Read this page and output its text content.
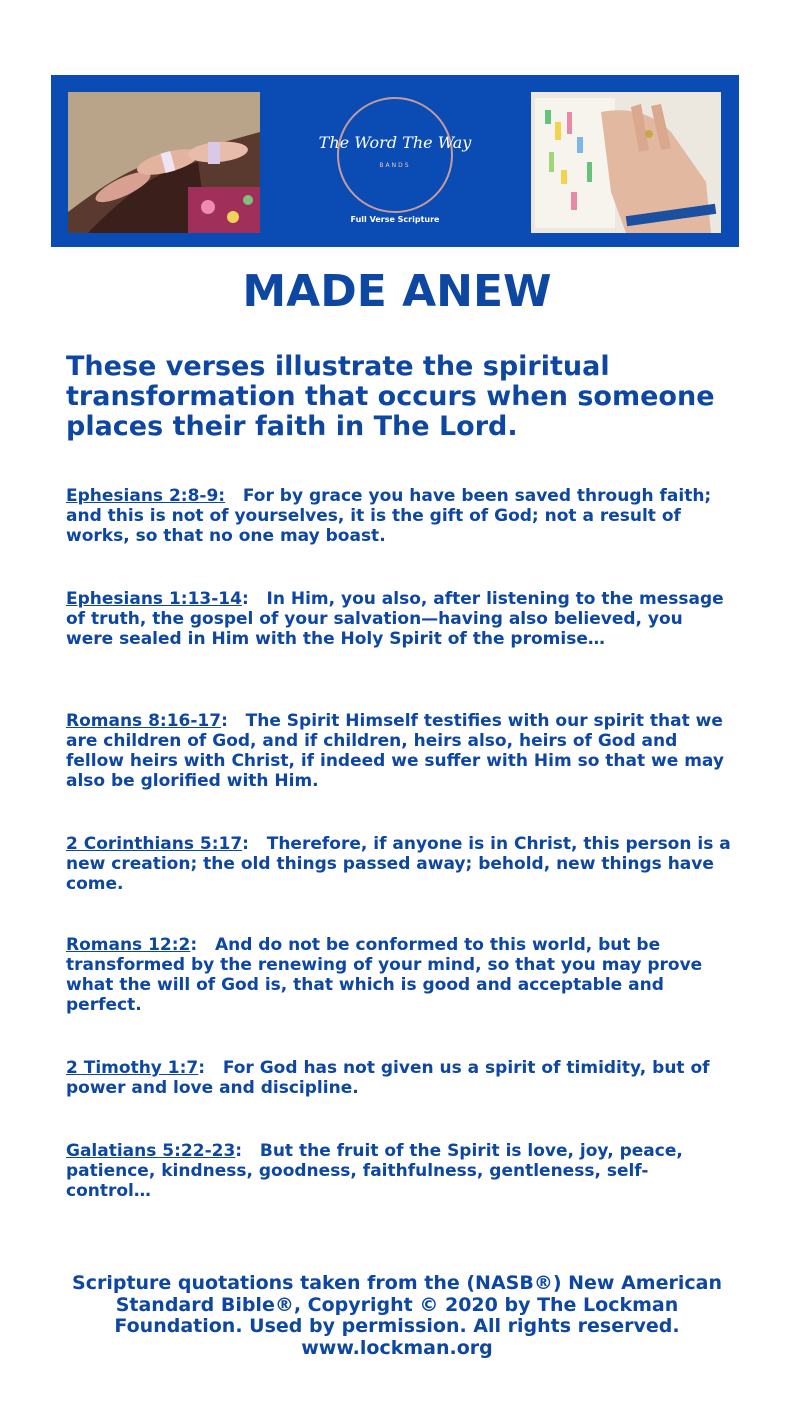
The Word The Way
BANDS
Full Verse Scripture
MADE ANEW

These verses illustrate the spiritual transformation that occurs when someone places their faith in The Lord.

Ephesians 2:8-9: For by grace you have been saved through faith; and this is not of yourselves, it is the gift of God; not a result of works, so that no one may boast.

Ephesians 1:13-14:   In Him, you also, after listening to the message of truth, the gospel of your salvation—having also believed, you were sealed in Him with the Holy Spirit of the promise…

Romans 8:16-17:   The Spirit Himself testifies with our spirit that we are children of God, and if children, heirs also, heirs of God and fellow heirs with Christ, if indeed we suffer with Him so that we may also be glorified with Him.

2 Corinthians 5:17:   Therefore, if anyone is in Christ, this person is a new creation; the old things passed away; behold, new things have come.

Romans 12:2:   And do not be conformed to this world, but be transformed by the renewing of your mind, so that you may prove what the will of God is, that which is good and acceptable and perfect.

2 Timothy 1:7:   For God has not given us a spirit of timidity, but of power and love and discipline.

Galatians 5:22-23:   But the fruit of the Spirit is love, joy, peace, patience, kindness, goodness, faithfulness, gentleness, self-control…

Scripture quotations taken from the (NASB®) New American Standard Bible®, Copyright © 2020 by The Lockman Foundation. Used by permission. All rights reserved. www.lockman.org
